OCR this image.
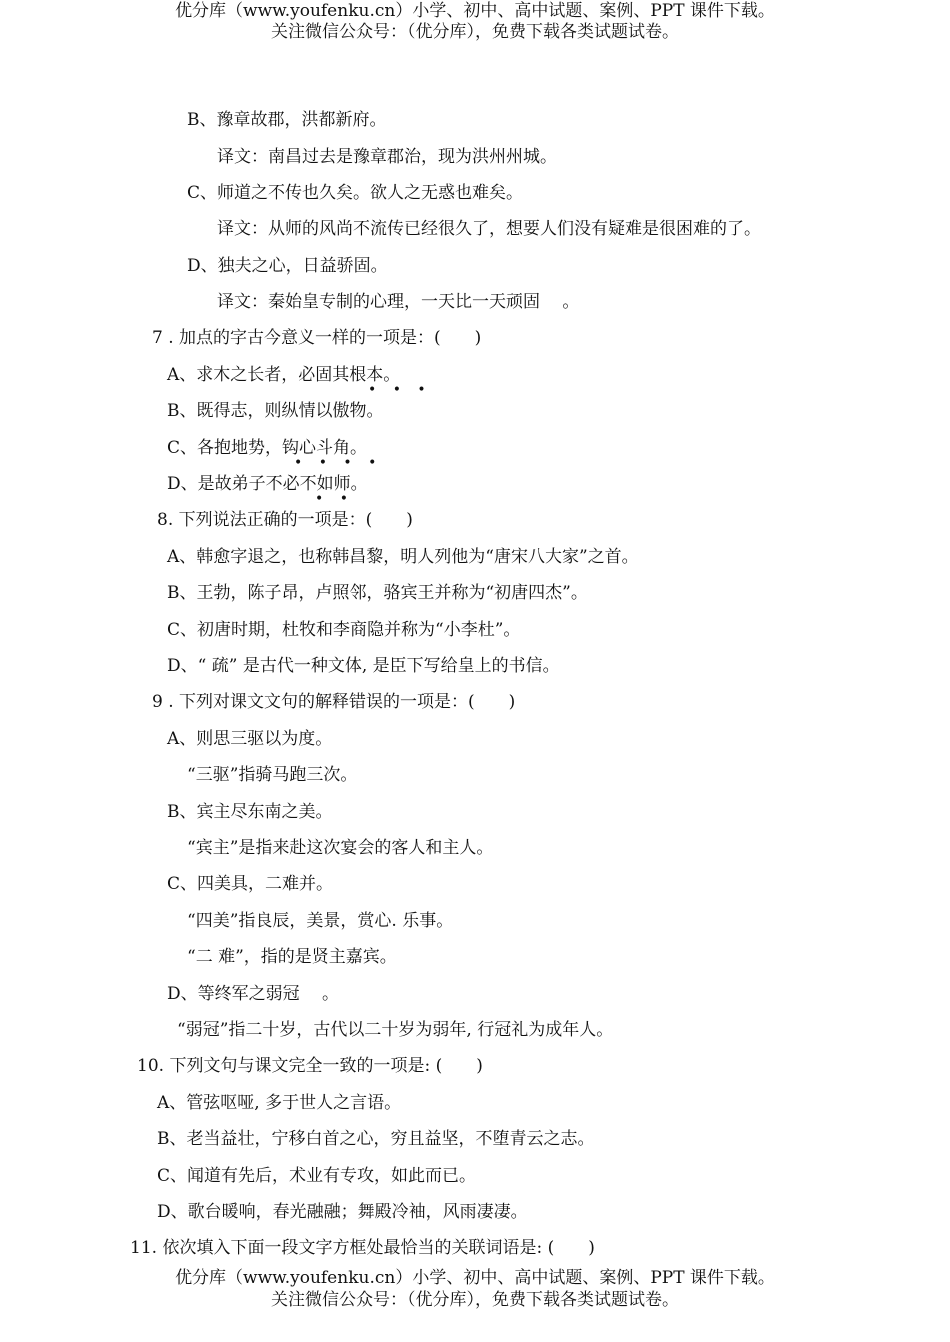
优分库（www.youfenku.cn）小学、初中、高中试题、案例、PPT 课件下载。
关注微信公众号：（优分库），免费下载各类试题试卷。
B、豫章故郡，洪都新府。
译文：南昌过去是豫章郡治，现为洪州州城。
C、师道之不传也久矣。欲人之无惑也难矣。
译文：从师的风尚不流传已经很久了，想要人们没有疑难是很困难的了。
D、独夫之心，日益骄固。
译文：秦始皇专制的心理，一天比一天顽固 　。
7 . 加点的字古今意义一样的一项是：(　　)
A、求木之长者，必固其根本。
• • •
B、既得志，则纵情以傲物。
C、各抱地势，钩心斗角。
• • • •
D、是故弟子不必不如师。
• •
8. 下列说法正确的一项是：(　　)
A、韩愈字退之，也称韩昌黎，明人列他为“唐宋八大家”之首。
B、王勃，陈子昂，卢照邻，骆宾王并称为“初唐四杰”。
C、初唐时期，杜牧和李商隐并称为“小李杜”。
D、“ 疏” 是古代一种文体, 是臣下写给皇上的书信。
9 . 下列对课文文句的解释错误的一项是：(　　)
A、则思三驱以为度。
“三驱”指骑马跑三次。
B、宾主尽东南之美。
“宾主”是指来赴这次宴会的客人和主人。
C、四美具，二难并。
“四美”指良辰，美景，赏心. 乐事。
“二 难”，指的是贤主嘉宾。
D、等终军之弱冠 　。
“弱冠”指二十岁，古代以二十岁为弱年, 行冠礼为成年人。
10. 下列文句与课文完全一致的一项是: (　　)
A、管弦呕哑, 多于世人之言语。
B、老当益壮，宁移白首之心，穷且益坚，不堕青云之志。
C、闻道有先后，术业有专攻，如此而已。
D、歌台暖响，春光融融；舞殿冷袖，风雨凄凄。
11. 依次填入下面一段文字方框处最恰当的关联词语是: (　　)
优分库（www.youfenku.cn）小学、初中、高中试题、案例、PPT 课件下载。
关注微信公众号：（优分库），免费下载各类试题试卷。
